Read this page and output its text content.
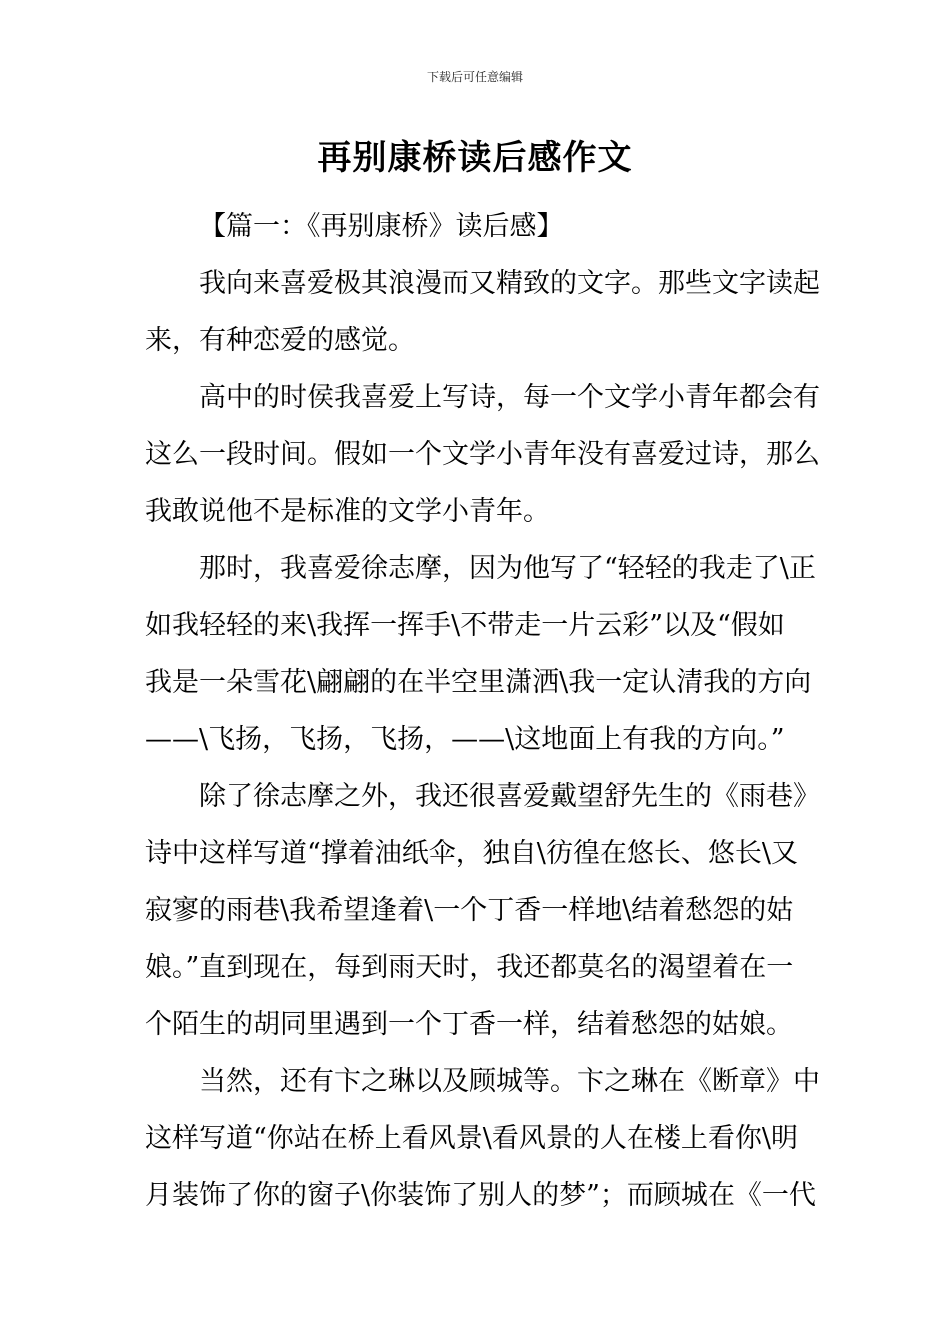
下载后可任意编辑
再别康桥读后感作文
【篇一：《再别康桥》读后感】
我向来喜爱极其浪漫而又精致的文字。那些文字读起
来，有种恋爱的感觉。
高中的时侯我喜爱上写诗，每一个文学小青年都会有
这么一段时间。假如一个文学小青年没有喜爱过诗，那么
我敢说他不是标准的文学小青年。
那时，我喜爱徐志摩，因为他写了“轻轻的我走了\正
如我轻轻的来\我挥一挥手\不带走一片云彩”以及“假如
我是一朵雪花\翩翩的在半空里潇洒\我一定认清我的方向
——\飞扬，飞扬，飞扬，——\这地面上有我的方向。”
除了徐志摩之外，我还很喜爱戴望舒先生的《雨巷》
诗中这样写道“撑着油纸伞，独自\彷徨在悠长、悠长\又
寂寥的雨巷\我希望逢着\一个丁香一样地\结着愁怨的姑
娘。”直到现在，每到雨天时，我还都莫名的渴望着在一
个陌生的胡同里遇到一个丁香一样，结着愁怨的姑娘。
当然，还有卞之琳以及顾城等。卞之琳在《断章》中
这样写道“你站在桥上看风景\看风景的人在楼上看你\明
月装饰了你的窗子\你装饰了别人的梦”；而顾城在《一代
